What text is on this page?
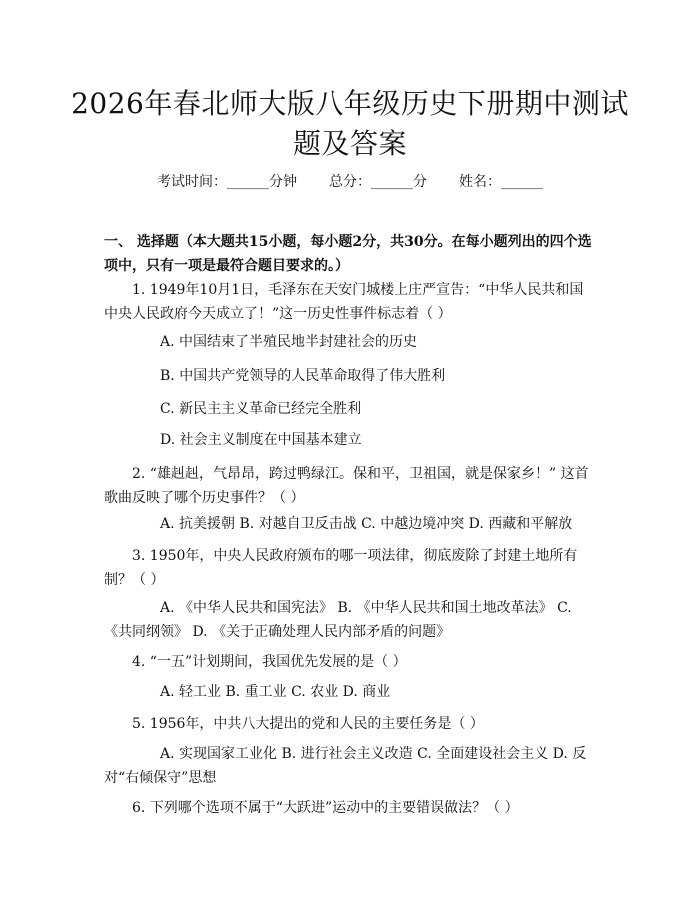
2026年春北师大版八年级历史下册期中测试题及答案
考试时间：______分钟 总分：______分 姓名：______
一、 选择题（本大题共15小题，每小题2分，共30分。在每小题列出的四个选项中，只有一项是最符合题目要求的。）
1. 1949年10月1日，毛泽东在天安门城楼上庄严宣告：“中华人民共和国中央人民政府今天成立了！”这一历史性事件标志着（ ）
A. 中国结束了半殖民地半封建社会的历史
B. 中国共产党领导的人民革命取得了伟大胜利
C. 新民主主义革命已经完全胜利
D. 社会主义制度在中国基本建立
2. “雄赳赳，气昂昂，跨过鸭绿江。保和平，卫祖国，就是保家乡！” 这首歌曲反映了哪个历史事件？（ ）
A. 抗美援朝 B. 对越自卫反击战 C. 中越边境冲突 D. 西藏和平解放
3. 1950年，中央人民政府颁布的哪一项法律，彻底废除了封建土地所有制？（ ）
A. 《中华人民共和国宪法》 B. 《中华人民共和国土地改革法》 C. 《共同纲领》 D. 《关于正确处理人民内部矛盾的问题》
4. “一五”计划期间，我国优先发展的是（ ）
A. 轻工业 B. 重工业 C. 农业 D. 商业
5. 1956年，中共八大提出的党和人民的主要任务是（ ）
A. 实现国家工业化 B. 进行社会主义改造 C. 全面建设社会主义 D. 反对“右倾保守”思想
6. 下列哪个选项不属于“大跃进”运动中的主要错误做法？（ ）
